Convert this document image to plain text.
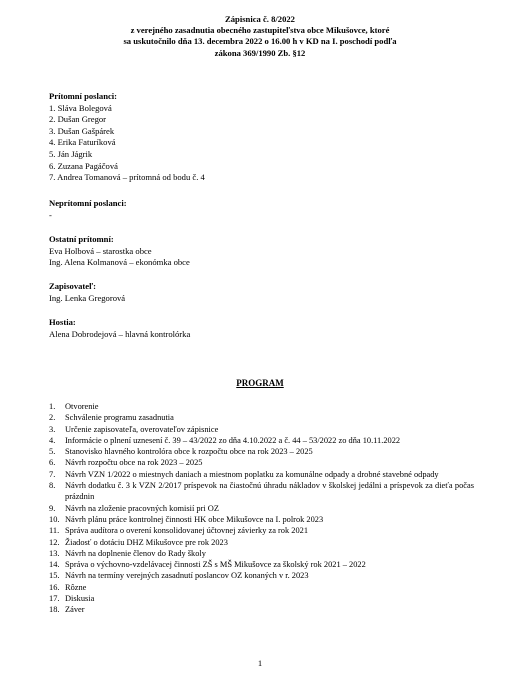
Zápisnica č. 8/2022
z verejného zasadnutia obecného zastupiteľstva obce Mikušovce, ktoré
sa uskutočnilo dňa 13. decembra 2022 o 16.00 h v KD na I. poschodí podľa
zákona 369/1990 Zb. §12
Prítomní poslanci:
1. Slávа Bolegová
2. Dušan Gregor
3. Dušan Gašpárek
4. Erika Faturíková
5. Ján Jágrik
6. Zuzana Pagáčová
7. Andrea Tomanová – prítomná od bodu č. 4
Neprítomní poslanci:
-
Ostatní prítomní:
Eva Holbová – starostka obce
Ing. Alena Kolmanová – ekonómka obce
Zapisovateľ:
Ing. Lenka Gregorová
Hostia:
Alena Dobrodejová – hlavná kontrolórka
PROGRAM
1.	Otvorenie
2.	Schválenie programu zasadnutia
3.	Určenie zapisovateľa, overovateľov zápisnice
4.	Informácie o plnení uznesení č. 39 – 43/2022 zo dňa 4.10.2022 a č. 44 – 53/2022 zo dňa 10.11.2022
5.	Stanovisko hlavného kontrolóra obce k rozpočtu obce na rok 2023 – 2025
6.	Návrh rozpočtu obce na rok 2023 – 2025
7.	Návrh VZN 1/2022 o miestnych daniach a miestnom poplatku za komunálne odpady a drobné stavebné odpady
8.	Návrh dodatku č. 3 k VZN 2/2017 príspevok na čiastočnú úhradu nákladov v školskej jedálni a príspevok za dieťa počas prázdnin
9.	Návrh na zloženie pracovných komisií pri OZ
10. Návrh plánu práce kontrolnej činnosti HK obce Mikušovce na I. polrok 2023
11. Správa audítora o overení konsolidovanej účtovnej závierky za rok 2021
12. Žiadosť o dotáciu DHZ Mikušovce pre rok 2023
13. Návrh na doplnenie členov do Rady školy
14. Správa o výchovno-vzdelávacej činnosti ZŠ s MŠ Mikušovce za školský rok 2021 – 2022
15. Návrh na termíny verejných zasadnutí poslancov OZ konaných v r. 2023
16. Rôzne
17. Diskusia
18. Záver
1
